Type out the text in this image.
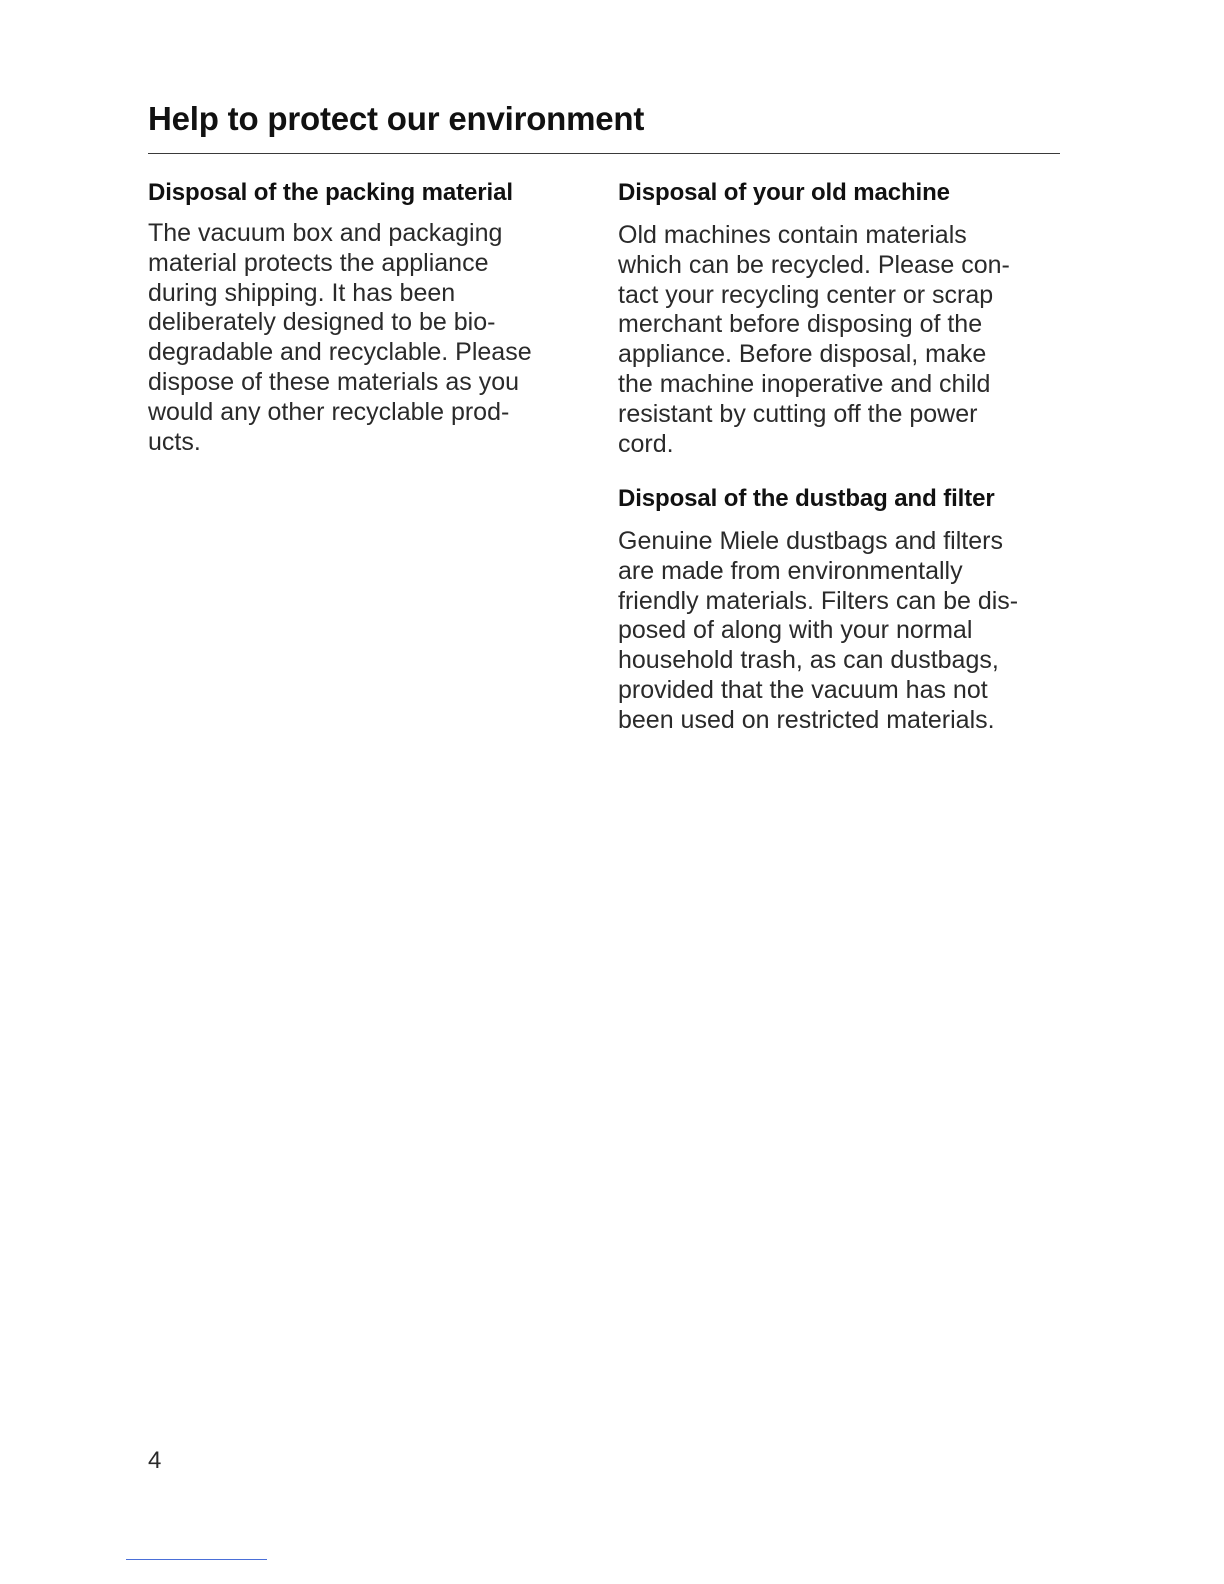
Help to protect our environment
Disposal of the packing material
The vacuum box and packaging
material protects the appliance
during shipping. It has been
deliberately designed to be bio-
degradable and recyclable. Please
dispose of these materials as you
would any other recyclable prod-
ucts.
Disposal of your old machine
Old machines contain materials
which can be recycled. Please con-
tact your recycling center or scrap
merchant before disposing of the
appliance. Before disposal, make
the machine inoperative and child
resistant by cutting off the power
cord.
Disposal of the dustbag and filter
Genuine Miele dustbags and filters
are made from environmentally
friendly materials. Filters can be dis-
posed of along with your normal
household trash, as can dustbags,
provided that the vacuum has not
been used on restricted materials.
4
